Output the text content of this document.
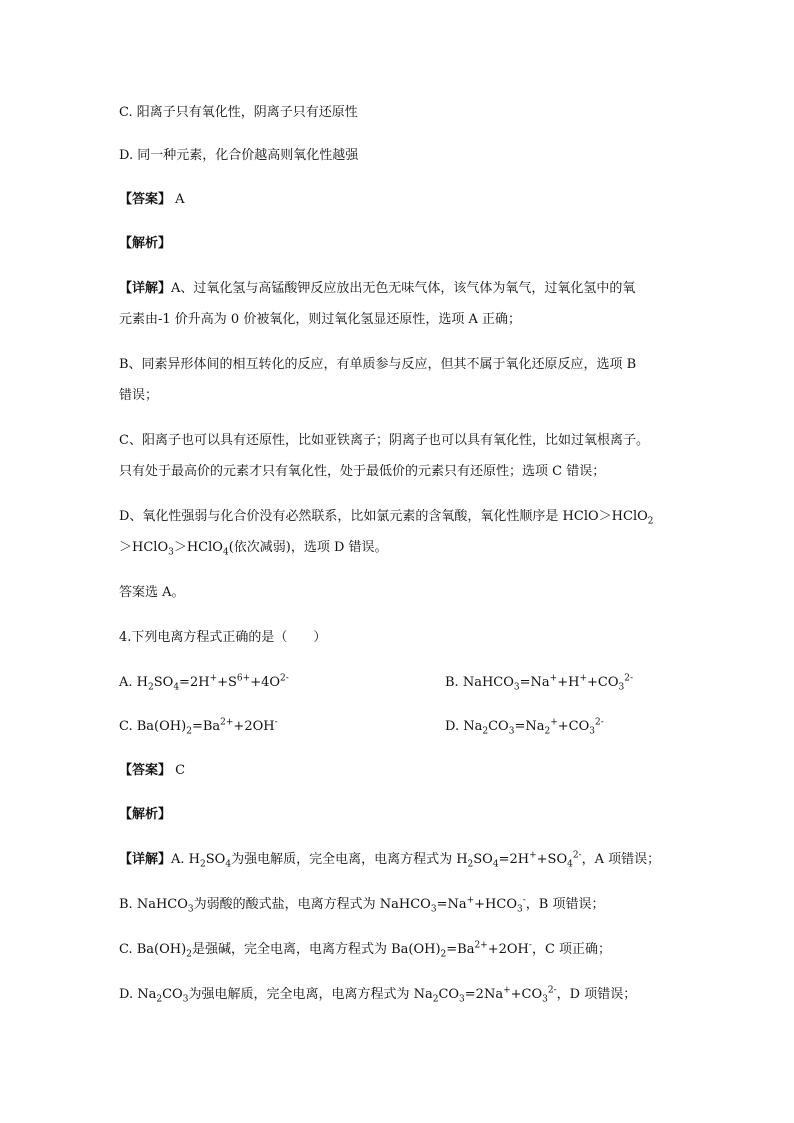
C. 阳离子只有氧化性，阴离子只有还原性
D. 同一种元素，化合价越高则氧化性越强
【答案】 A
【解析】
【详解】A、过氧化氢与高锰酸钾反应放出无色无味气体，该气体为氧气，过氧化氢中的氧
元素由-1 价升高为 0 价被氧化，则过氧化氢显还原性，选项 A 正确；
B、同素异形体间的相互转化的反应，有单质参与反应，但其不属于氧化还原反应，选项 B
错误；
C、阳离子也可以具有还原性，比如亚铁离子；阴离子也可以具有氧化性，比如过氧根离子。
只有处于最高价的元素才只有氧化性，处于最低价的元素只有还原性；选项 C 错误；
D、氧化性强弱与化合价没有必然联系，比如氯元素的含氧酸，氧化性顺序是 HClO＞HClO$_2$
＞HClO$_3$＞HClO$_4$(依次减弱)，选项 D 错误。
答案选 A。
4.下列电离方程式正确的是（　　）
A. $H_2SO_4=2H^++S^{6+}+4O^{2-}$	B. $NaHCO_3=Na^++H^++CO_3^{2-}$
C. $Ba(OH)_2=Ba^{2+}+2OH^-$	D. $Na_2CO_3=Na_2^++CO_3^{2-}$
【答案】 C
【解析】
【详解】A. $H_2SO_4$为强电解质，完全电离，电离方程式为 $H_2SO_4=2H^++SO_4^{2-}$，A 项错误；
B. NaHCO$_3$为弱酸的酸式盐，电离方程式为 $NaHCO_3=Na^++HCO_3^-$，B 项错误；
C. $Ba(OH)_2$是强碱，完全电离，电离方程式为 $Ba(OH)_2=Ba^{2+}+2OH^-$，C 项正确；
D. $Na_2CO_3$为强电解质，完全电离，电离方程式为 $Na_2CO_3=2Na^++CO_3^{2-}$，D 项错误；
